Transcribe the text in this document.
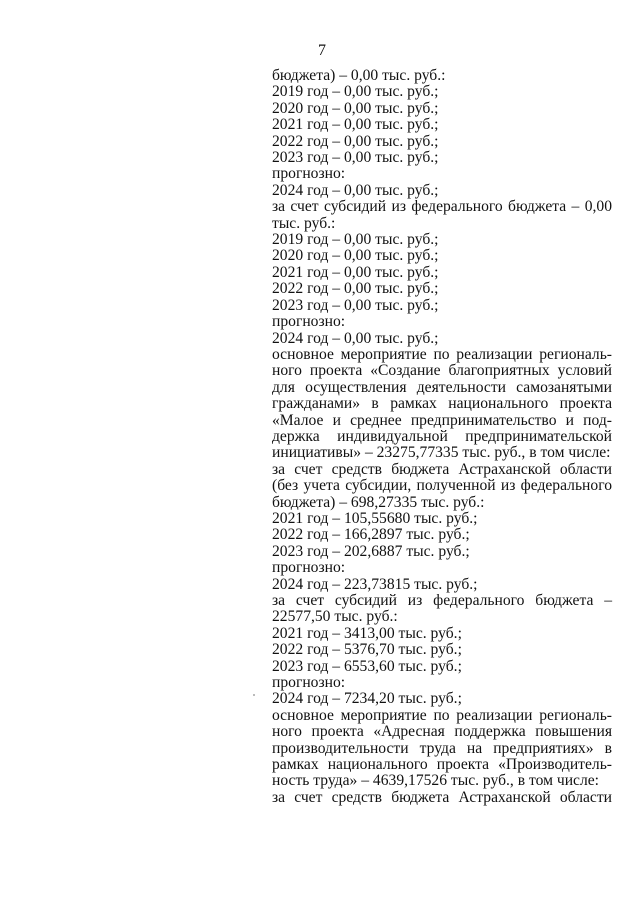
7
бюджета) – 0,00 тыс. руб.:
2019 год – 0,00 тыс. руб.;
2020 год – 0,00 тыс. руб.;
2021 год – 0,00 тыс. руб.;
2022 год – 0,00 тыс. руб.;
2023 год – 0,00 тыс. руб.;
прогнозно:
2024 год – 0,00 тыс. руб.;
за счет субсидий из федерального бюджета – 0,00
тыс. руб.:
2019 год – 0,00 тыс. руб.;
2020 год – 0,00 тыс. руб.;
2021 год – 0,00 тыс. руб.;
2022 год – 0,00 тыс. руб.;
2023 год – 0,00 тыс. руб.;
прогнозно:
2024 год – 0,00 тыс. руб.;
основное мероприятие по реализации региональ-
ного проекта «Создание благоприятных условий
для осуществления деятельности самозанятыми
гражданами» в рамках национального проекта
«Малое и среднее предпринимательство и под-
держка индивидуальной предпринимательской
инициативы» – 23275,77335 тыс. руб., в том числе:
за счет средств бюджета Астраханской области
(без учета субсидии, полученной из федерального
бюджета) – 698,27335 тыс. руб.:
2021 год – 105,55680 тыс. руб.;
2022 год – 166,2897 тыс. руб.;
2023 год – 202,6887 тыс. руб.;
прогнозно:
2024 год – 223,73815 тыс. руб.;
за счет субсидий из федерального бюджета –
22577,50 тыс. руб.:
2021 год – 3413,00 тыс. руб.;
2022 год – 5376,70 тыс. руб.;
2023 год – 6553,60 тыс. руб.;
прогнозно:
2024 год – 7234,20 тыс. руб.;
основное мероприятие по реализации региональ-
ного проекта «Адресная поддержка повышения
производительности труда на предприятиях» в
рамках национального проекта «Производитель-
ность труда» – 4639,17526 тыс. руб., в том числе:
за счет средств бюджета Астраханской области
